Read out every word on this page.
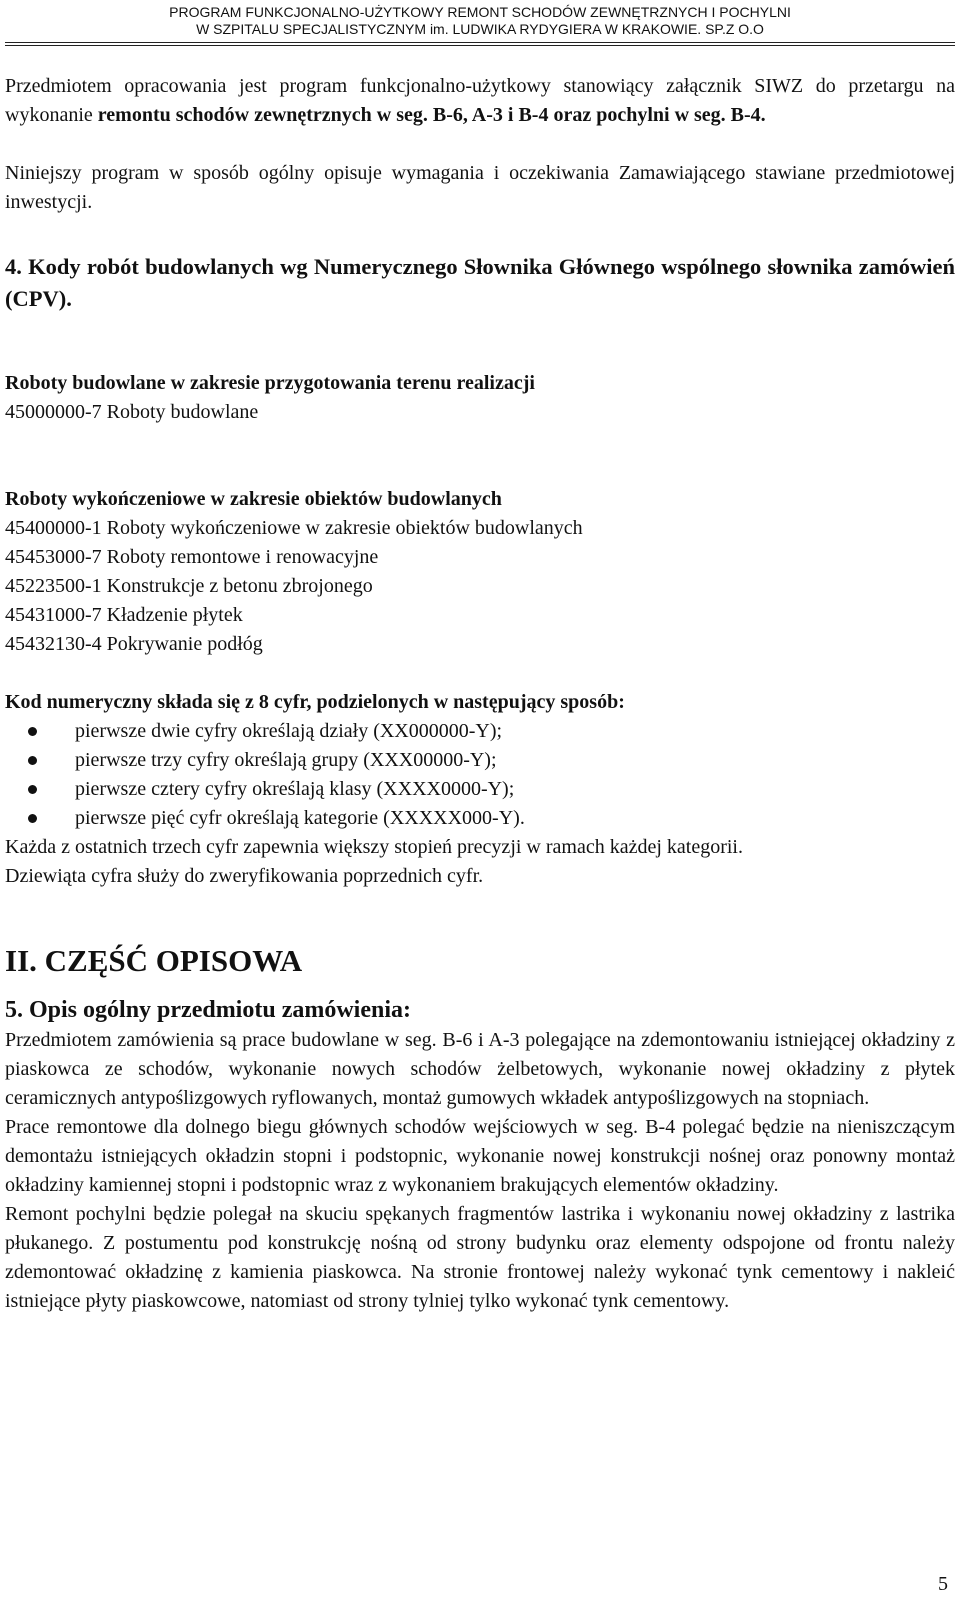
PROGRAM FUNKCJONALNO-UŻYTKOWY REMONT SCHODÓW ZEWNĘTRZNYCH I POCHYLNI
W SZPITALU SPECJALISTYCZNYM im. LUDWIKA RYDYGIERA W KRAKOWIE. SP.Z O.O

Przedmiotem opracowania jest program funkcjonalno-użytkowy stanowiący załącznik SIWZ do przetargu na wykonanie remontu schodów zewnętrznych w seg. B-6, A-3 i B-4 oraz pochylni w seg. B-4.

Niniejszy program w sposób ogólny opisuje wymagania i oczekiwania Zamawiającego stawiane przedmiotowej inwestycji.

4. Kody robót budowlanych wg Numerycznego Słownika Głównego wspólnego słownika zamówień (CPV).

Roboty budowlane w zakresie przygotowania terenu realizacji

45000000-7 Roboty budowlane

Roboty wykończeniowe w zakresie obiektów budowlanych

45400000-1 Roboty wykończeniowe w zakresie obiektów budowlanych

45453000-7 Roboty remontowe i renowacyjne

45223500-1 Konstrukcje z betonu zbrojonego

45431000-7 Kładzenie płytek

45432130-4 Pokrywanie podłóg

Kod numeryczny składa się z 8 cyfr, podzielonych w następujący sposób:

pierwsze dwie cyfry określają działy (XX000000-Y);
pierwsze trzy cyfry określają grupy (XXX00000-Y);
pierwsze cztery cyfry określają klasy (XXXX0000-Y);
pierwsze pięć cyfr określają kategorie (XXXXX000-Y).

Każda z ostatnich trzech cyfr zapewnia większy stopień precyzji w ramach każdej kategorii.

Dziewiąta cyfra służy do zweryfikowania poprzednich cyfr.

II. CZĘŚĆ OPISOWA

5. Opis ogólny przedmiotu zamówienia:

Przedmiotem zamówienia są prace budowlane w seg. B-6 i A-3 polegające na zdemontowaniu istniejącej okładziny z piaskowca ze schodów, wykonanie nowych schodów żelbetowych, wykonanie nowej okładziny z płytek ceramicznych antypoślizgowych ryflowanych, montaż gumowych wkładek antypoślizgowych na stopniach.

Prace remontowe dla dolnego biegu głównych schodów wejściowych w seg. B-4 polegać będzie na nieniszczącym demontażu istniejących okładzin stopni i podstopnic, wykonanie nowej konstrukcji nośnej oraz ponowny montaż okładziny kamiennej stopni i podstopnic wraz z wykonaniem brakujących elementów okładziny.

Remont pochylni będzie polegał na skuciu spękanych fragmentów lastrika i wykonaniu nowej okładziny z lastrika płukanego. Z postumentu pod konstrukcję nośną od strony budynku oraz elementy odspojone od frontu należy zdemontować okładzinę z kamienia piaskowca. Na stronie frontowej należy wykonać tynk cementowy i nakleić istniejące płyty piaskowcowe, natomiast od strony tylniej tylko wykonać tynk cementowy.

5
